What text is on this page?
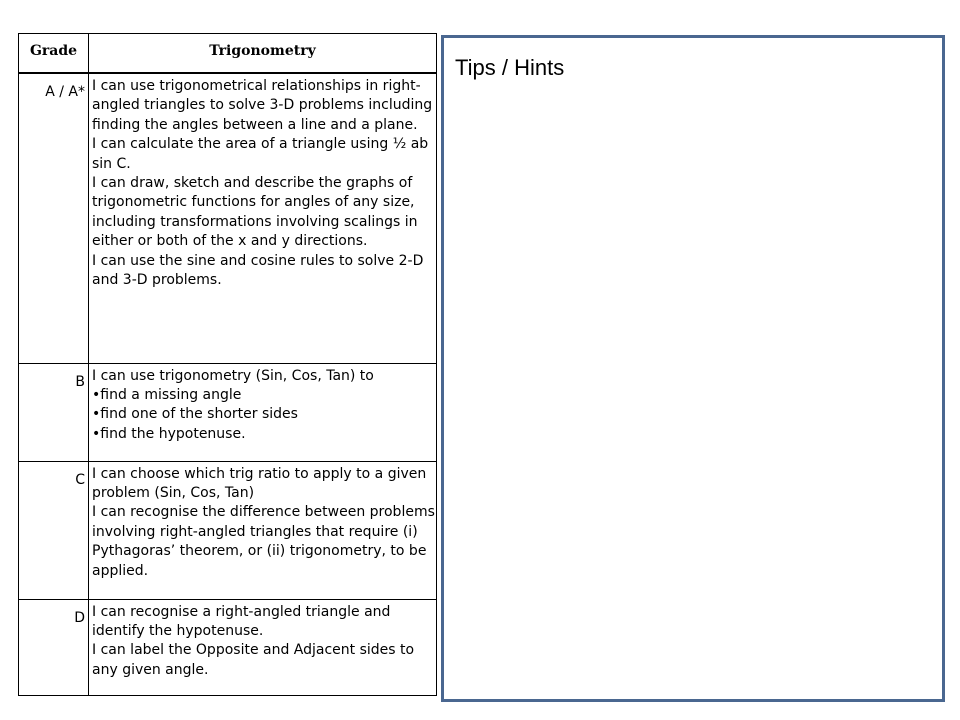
Grade	Trigonometry
A / A*	I can use trigonometrical relationships in right-angled triangles to solve 3-D problems including finding the angles between a line and a plane.
I can calculate the area of a triangle using ½ ab sin C.
I can draw, sketch and describe the graphs of trigonometric functions for angles of any size, including transformations involving scalings in either or both of the x and y directions.
I can use the sine and cosine rules to solve 2-D and 3-D problems.

B	I can use trigonometry (Sin, Cos, Tan) to
• find a missing angle
• find one of the shorter sides
• find the hypotenuse.

C	I can choose which trig ratio to apply to a given problem (Sin, Cos, Tan)
I can recognise the difference between problems involving right-angled triangles that require (i) Pythagoras’ theorem, or (ii) trigonometry, to be applied.

D	I can recognise a right-angled triangle and identify the hypotenuse.
I can label the Opposite and Adjacent sides to any given angle.
Tips / Hints
